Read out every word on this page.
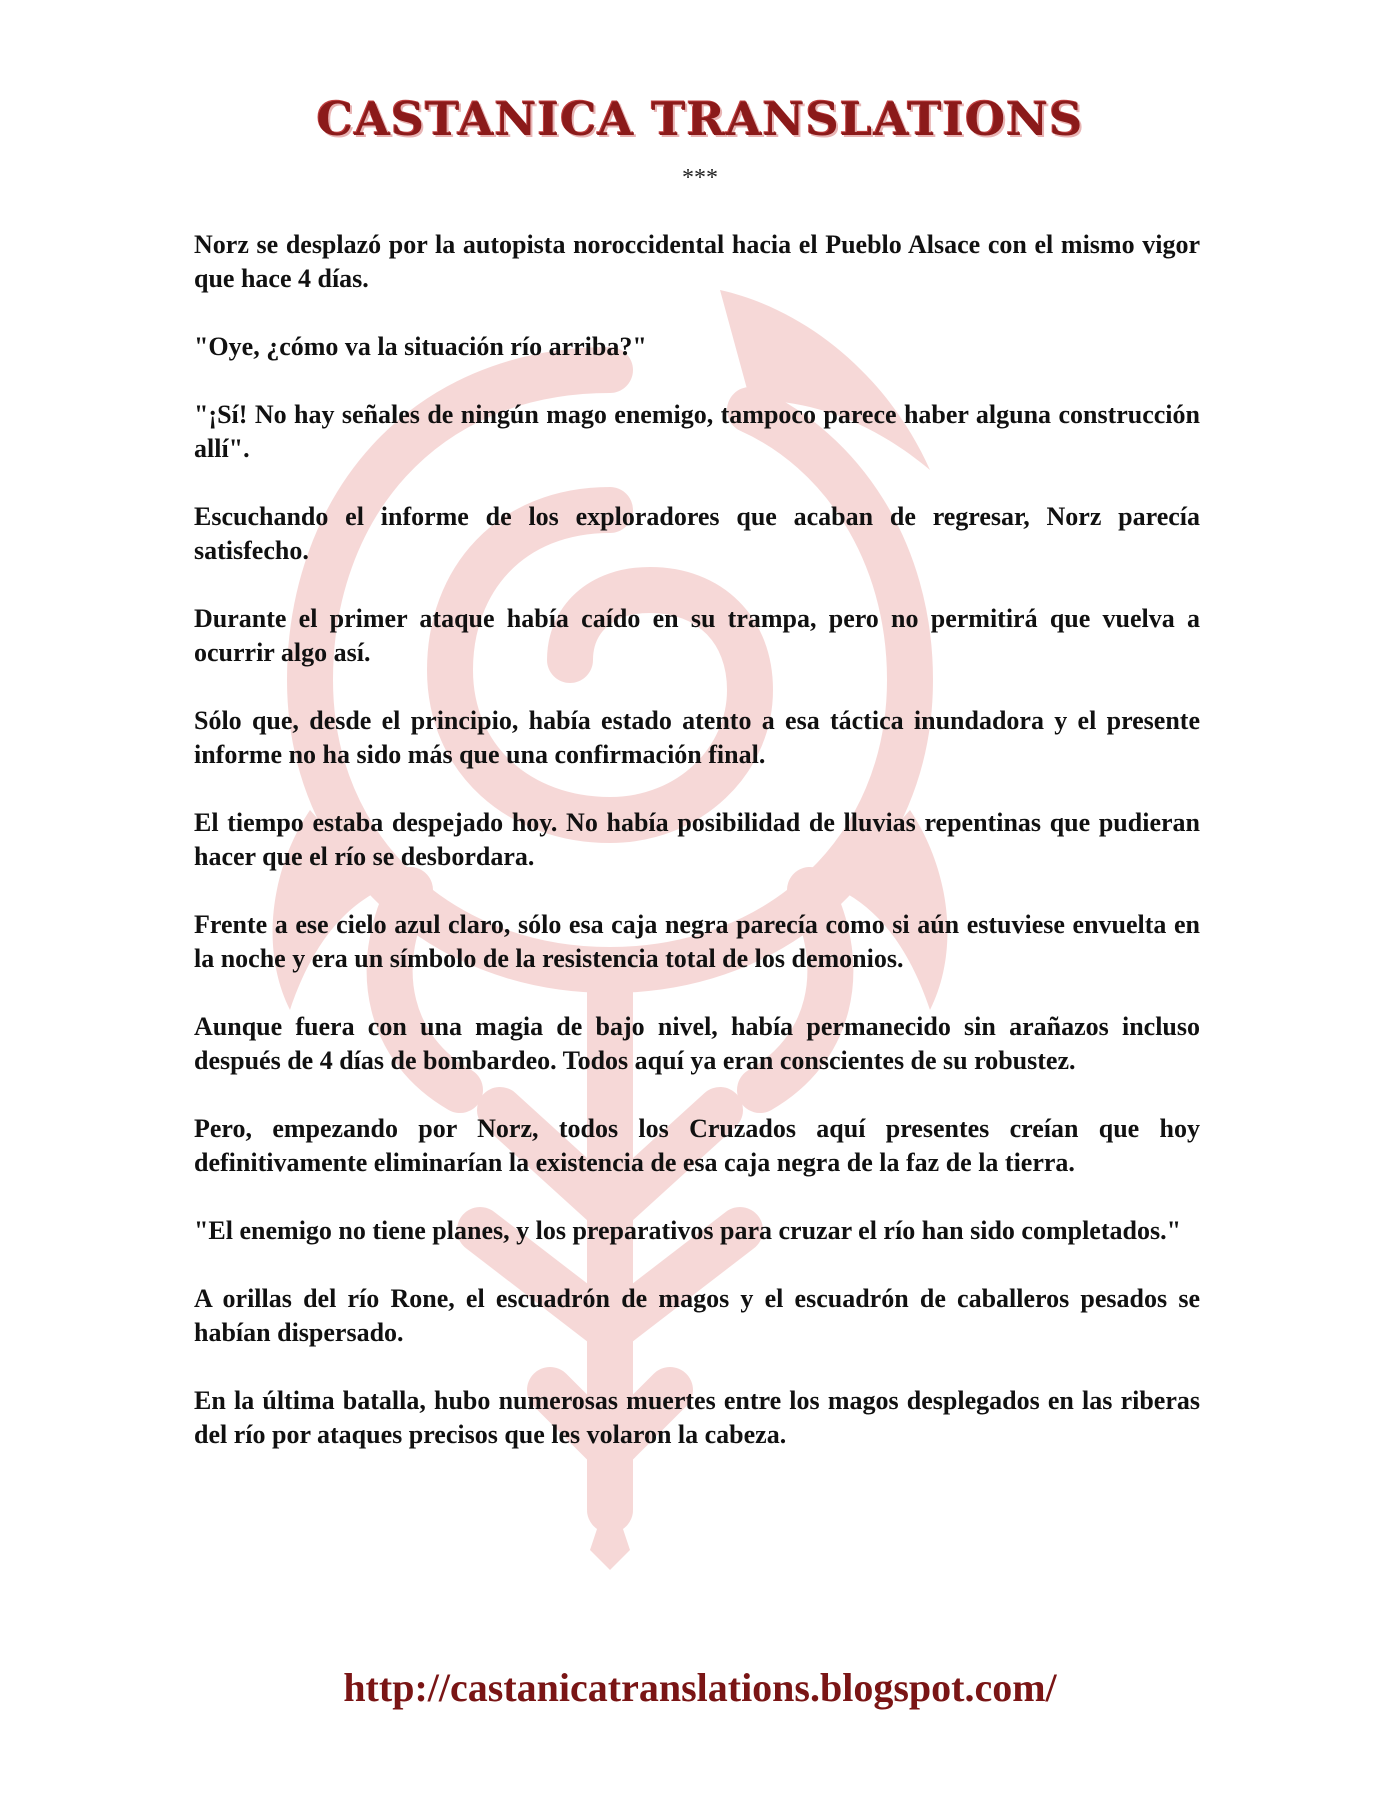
CASTANICA TRANSLATIONS
***

Norz se desplazó por la autopista noroccidental hacia el Pueblo Alsace con el mismo vigor que hace 4 días.

"Oye, ¿cómo va la situación río arriba?"

"¡Sí! No hay señales de ningún mago enemigo, tampoco parece haber alguna construcción allí".

Escuchando el informe de los exploradores que acaban de regresar, Norz parecía satisfecho.

Durante el primer ataque había caído en su trampa, pero no permitirá que vuelva a ocurrir algo así.

Sólo que, desde el principio, había estado atento a esa táctica inundadora y el presente informe no ha sido más que una confirmación final.

El tiempo estaba despejado hoy. No había posibilidad de lluvias repentinas que pudieran hacer que el río se desbordara.

Frente a ese cielo azul claro, sólo esa caja negra parecía como si aún estuviese envuelta en la noche y era un símbolo de la resistencia total de los demonios.

Aunque fuera con una magia de bajo nivel, había permanecido sin arañazos incluso después de 4 días de bombardeo. Todos aquí ya eran conscientes de su robustez.

Pero, empezando por Norz, todos los Cruzados aquí presentes creían que hoy definitivamente eliminarían la existencia de esa caja negra de la faz de la tierra.

"El enemigo no tiene planes, y los preparativos para cruzar el río han sido completados."

A orillas del río Rone, el escuadrón de magos y el escuadrón de caballeros pesados se habían dispersado.

En la última batalla, hubo numerosas muertes entre los magos desplegados en las riberas del río por ataques precisos que les volaron la cabeza.

http://castanicatranslations.blogspot.com/
